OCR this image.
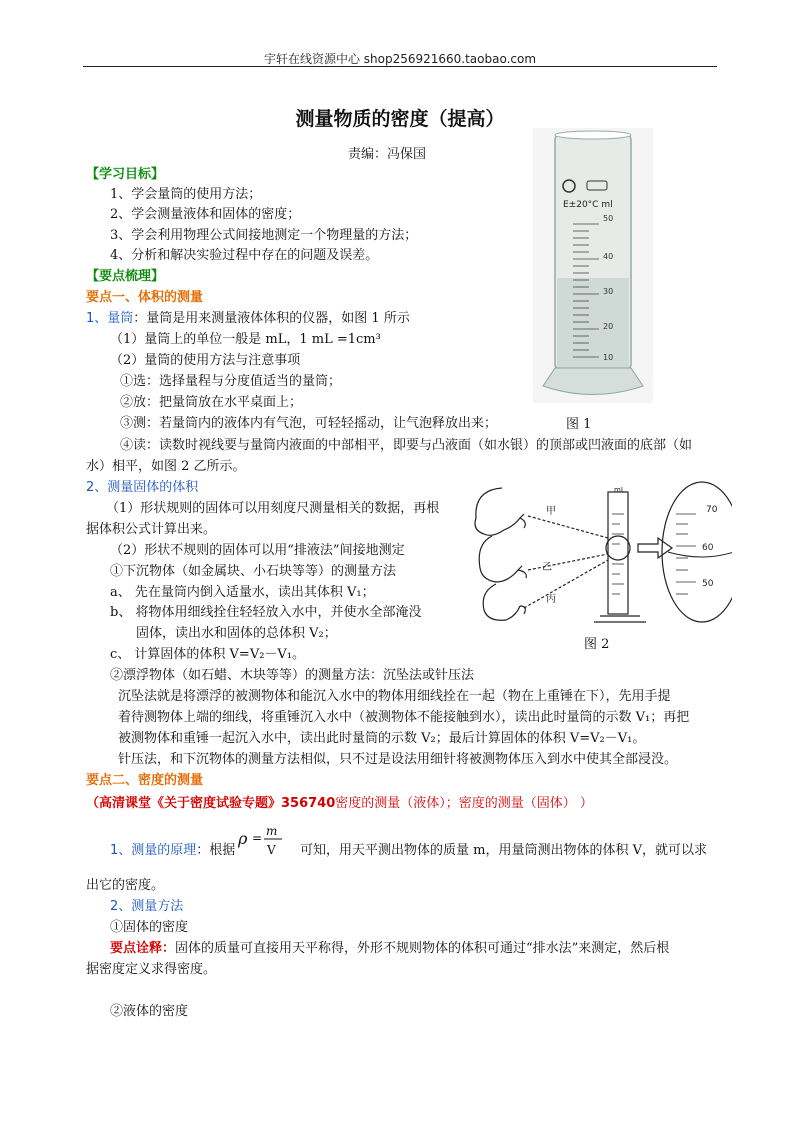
宇轩在线资源中心 shop256921660.taobao.com
测量物质的密度（提高）
责编：冯保国
E±20°C ml
50
40
30
20
10
图 1
甲
乙
丙
mL
70
60
50
图 2
【学习目标】
1、学会量筒的使用方法；
2、学会测量液体和固体的密度；
3、学会利用物理公式间接地测定一个物理量的方法；
4、分析和解决实验过程中存在的问题及误差。
【要点梳理】
要点一、体积的测量
1、量筒：量筒是用来测量液体体积的仪器，如图 1 所示
（1）量筒上的单位一般是 mL，1 mL =1cm³
（2）量筒的使用方法与注意事项
①选：选择量程与分度值适当的量筒；
②放：把量筒放在水平桌面上；
③测：若量筒内的液体内有气泡，可轻轻摇动，让气泡释放出来；
④读：读数时视线要与量筒内液面的中部相平，即要与凸液面（如水银）的顶部或凹液面的底部（如
水）相平，如图 2 乙所示。
2、测量固体的体积
（1）形状规则的固体可以用刻度尺测量相关的数据，再根
据体积公式计算出来。
（2）形状不规则的固体可以用“排液法”间接地测定
①下沉物体（如金属块、小石块等等）的测量方法
a、 先在量筒内倒入适量水，读出其体积 V₁；
b、 将物体用细线拴住轻轻放入水中，并使水全部淹没
固体，读出水和固体的总体积 V₂；
c、 计算固体的体积 V=V₂－V₁。
②漂浮物体（如石蜡、木块等等）的测量方法：沉坠法或针压法
沉坠法就是将漂浮的被测物体和能沉入水中的物体用细线拴在一起（物在上重锤在下），先用手提
着待测物体上端的细线，将重锤沉入水中（被测物体不能接触到水），读出此时量筒的示数 V₁；再把
被测物体和重锤一起沉入水中，读出此时量筒的示数 V₂；最后计算固体的体积 V=V₂－V₁。
针压法，和下沉物体的测量方法相似，只不过是设法用细针将被测物体压入到水中使其全部浸没。
要点二、密度的测量
（高清课堂《关于密度试验专题》356740密度的测量（液体）；密度的测量（固体） ）
1、测量的原理：根据
ρ = m
V 可知，用天平测出物体的质量 m，用量筒测出物体的体积 V，就可以求
出它的密度。
2、测量方法
①固体的密度
要点诠释：固体的质量可直接用天平称得，外形不规则物体的体积可通过“排水法”来测定，然后根
据密度定义求得密度。
②液体的密度
